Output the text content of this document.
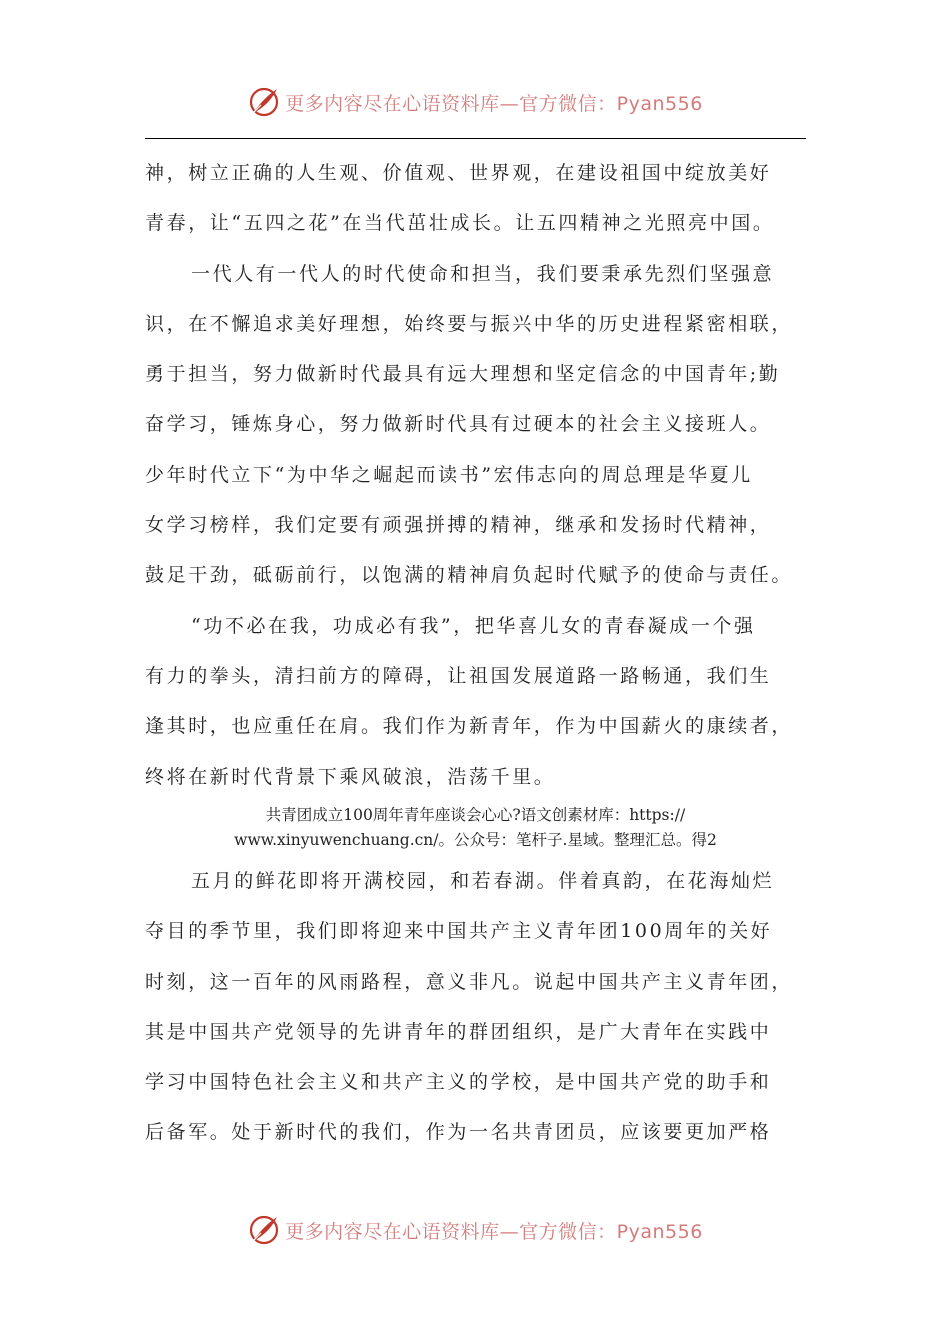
更多内容尽在心语资料库—官方微信：Pyan556
神，树立正确的人生观、价值观、世界观，在建设祖国中绽放美好
青春，让“五四之花”在当代茁壮成长。让五四精神之光照亮中国。
一代人有一代人的时代使命和担当，我们要秉承先烈们坚强意
识，在不懈追求美好理想，始终要与振兴中华的历史进程紧密相联，
勇于担当，努力做新时代最具有远大理想和坚定信念的中国青年;勤
奋学习，锤炼身心，努力做新时代具有过硬本的社会主义接班人。
少年时代立下“为中华之崛起而读书”宏伟志向的周总理是华夏儿
女学习榜样，我们定要有顽强拼搏的精神，继承和发扬时代精神，
鼓足干劲，砥砺前行，以饱满的精神肩负起时代赋予的使命与责任。
“功不必在我，功成必有我”，把华喜儿女的青春凝成一个强
有力的拳头，清扫前方的障碍，让祖国发展道路一路畅通，我们生
逢其时，也应重任在肩。我们作为新青年，作为中国薪火的康续者，
终将在新时代背景下乘风破浪，浩荡千里。
共青团成立100周年青年座谈会心心?语文创素材库：https://
www.xinyuwenchuang.cn/。公众号：笔杆子.星域。整理汇总。得2
五月的鲜花即将开满校园，和若春湖。伴着真韵，在花海灿烂
夺目的季节里，我们即将迎来中国共产主义青年团100周年的关好
时刻，这一百年的风雨路程，意义非凡。说起中国共产主义青年团，
其是中国共产党领导的先讲青年的群团组织，是广大青年在实践中
学习中国特色社会主义和共产主义的学校，是中国共产党的助手和
后备军。处于新时代的我们，作为一名共青团员，应该要更加严格
更多内容尽在心语资料库—官方微信：Pyan556
